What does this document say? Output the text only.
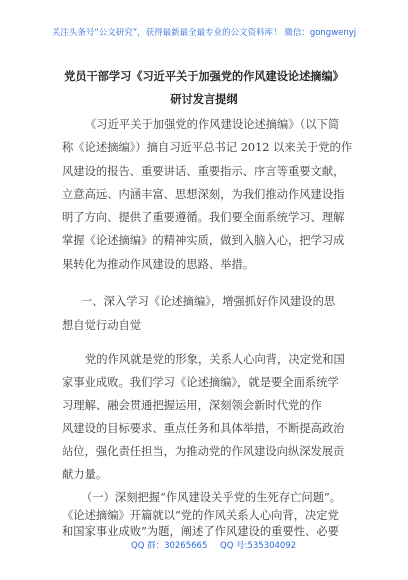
关注头条号“公文研究”，获得最新最全最专业的公文资料库！ 微信：gongwenyj
党员干部学习《习近平关于加强党的作风建设论述摘编》
研讨发言提纲
《习近平关于加强党的作风建设论述摘编》（以下简
称《论述摘编》）摘自习近平总书记 2012 以来关于党的作
风建设的报告、重要讲话、重要指示、序言等重要文献，
立意高远、内涵丰富、思想深刻，为我们推动作风建设指
明了方向、提供了重要遵循。我们要全面系统学习、理解
掌握《论述摘编》的精神实质，做到入脑入心，把学习成
果转化为推动作风建设的思路、举措。
一、深入学习《论述摘编》，增强抓好作风建设的思
想自觉行动自觉
党的作风就是党的形象，关系人心向背，决定党和国
家事业成败。我们学习《论述摘编》，就是要全面系统学
习理解、融会贯通把握运用，深刻领会新时代党的作
风建设的目标要求、重点任务和具体举措，不断提高政治
站位，强化责任担当，为推动党的作风建设向纵深发展贡
献力量。
（一）深刻把握“作风建设关乎党的生死存亡问题”。
《论述摘编》开篇就以“党的作风关系人心向背，决定党
和国家事业成败”为题，阐述了作风建设的重要性、必要
QQ 群：30265665 QQ 号:535304092
